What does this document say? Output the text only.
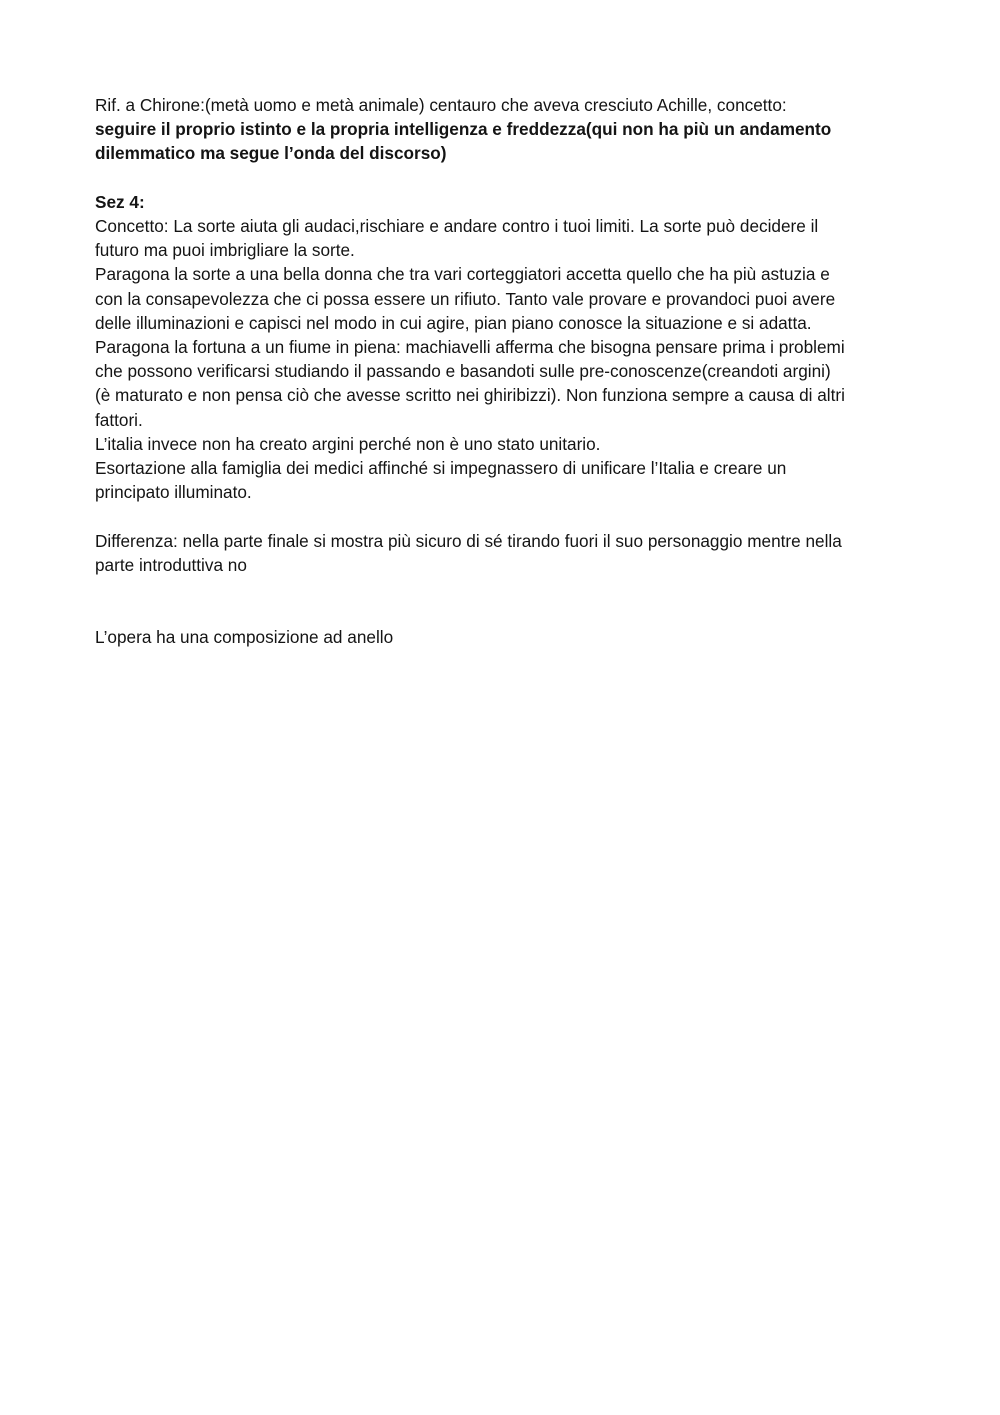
Rif. a Chirone:(metà uomo e metà animale) centauro che aveva cresciuto Achille, concetto:
seguire il proprio istinto e la propria intelligenza e freddezza(qui non ha più un andamento
dilemmatico ma segue l’onda del discorso)
Sez 4:
Concetto: La sorte aiuta gli audaci,rischiare e andare contro i tuoi limiti. La sorte può decidere il
futuro ma puoi imbrigliare la sorte.
Paragona la sorte a una bella donna che tra vari corteggiatori accetta quello che ha più astuzia e
con la consapevolezza che ci possa essere un rifiuto. Tanto vale provare e provandoci puoi avere
delle illuminazioni e capisci nel modo in cui agire, pian piano conosce la situazione e si adatta.
Paragona la fortuna a un fiume in piena: machiavelli afferma che bisogna pensare prima i problemi
che possono verificarsi studiando il passando e basandoti sulle pre-conoscenze(creandoti argini)
(è maturato e non pensa ciò che avesse scritto nei ghiribizzi). Non funziona sempre a causa di altri
fattori.
L’italia invece non ha creato argini perché non è uno stato unitario.
Esortazione alla famiglia dei medici affinché si impegnassero di unificare l’Italia e creare un
principato illuminato.
Differenza: nella parte finale si mostra più sicuro di sé tirando fuori il suo personaggio mentre nella
parte introduttiva no
L’opera ha una composizione ad anello
